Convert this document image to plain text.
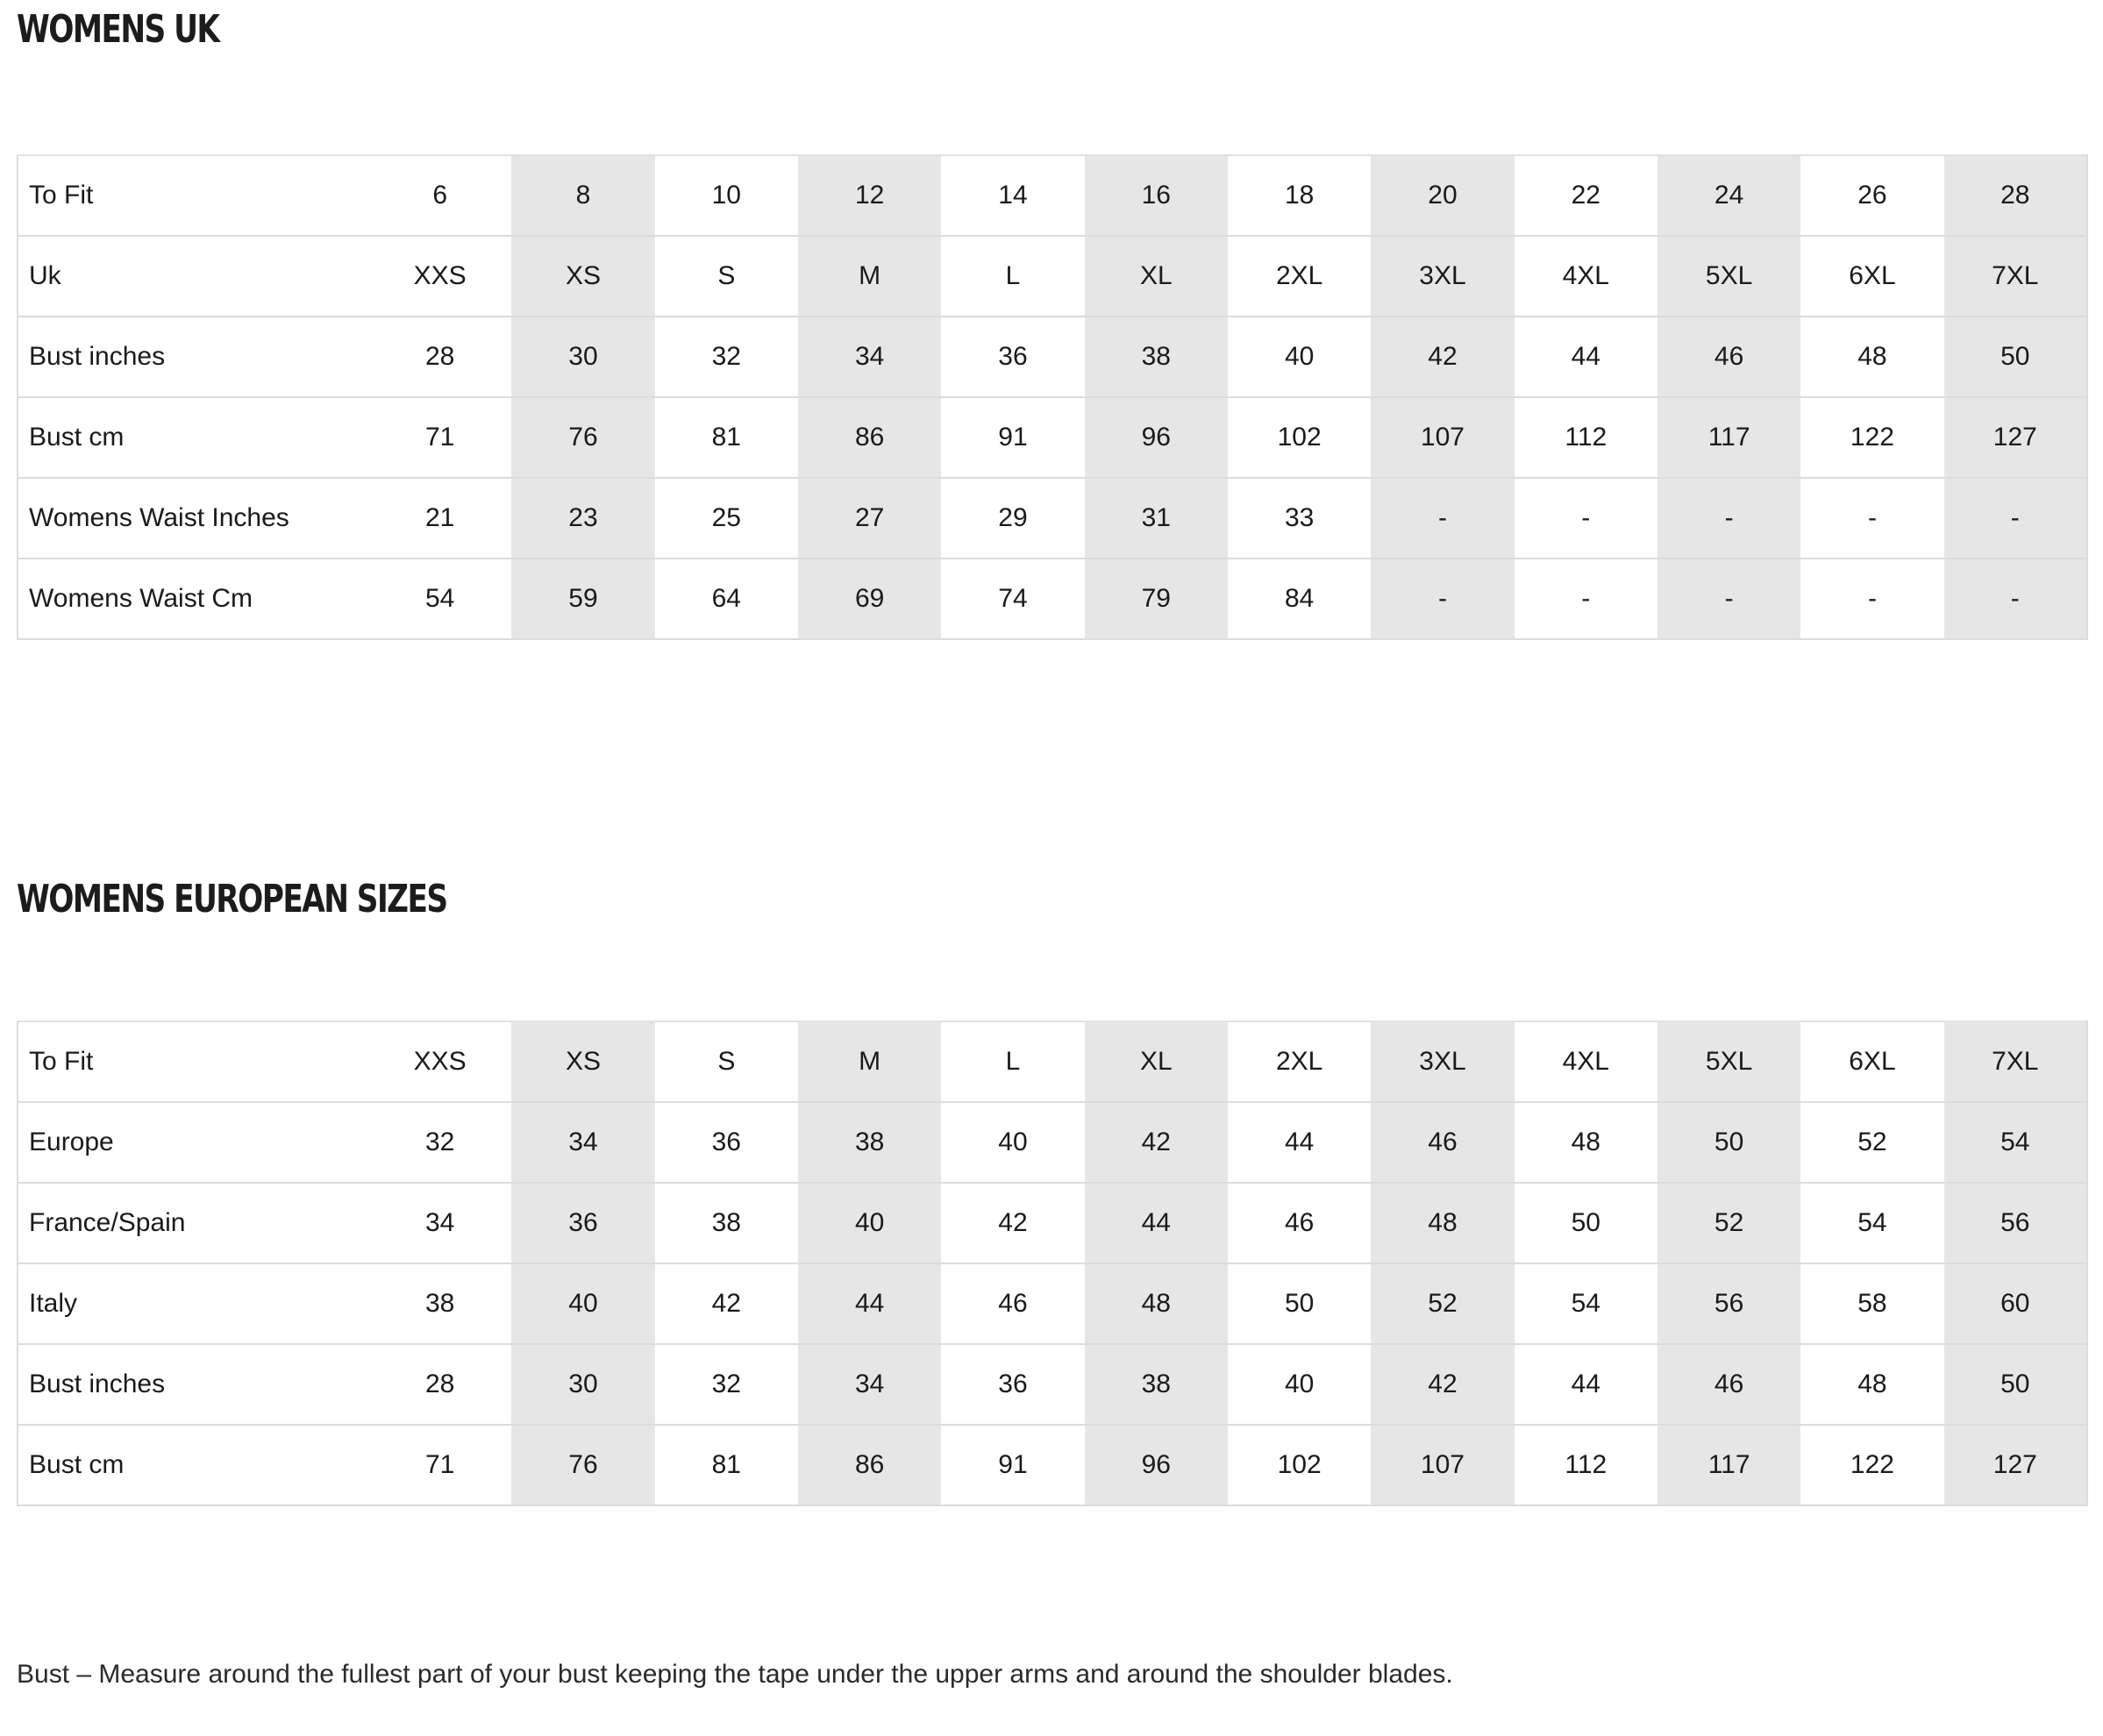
WOMENS UK
To Fit	6	8	10	12	14	16	18	20	22	24	26	28
Uk	XXS	XS	S	M	L	XL	2XL	3XL	4XL	5XL	6XL	7XL
Bust inches	28	30	32	34	36	38	40	42	44	46	48	50
Bust cm	71	76	81	86	91	96	102	107	112	117	122	127
Womens Waist Inches	21	23	25	27	29	31	33	-	-	-	-	-
Womens Waist Cm	54	59	64	69	74	79	84	-	-	-	-	-
WOMENS EUROPEAN SIZES
To Fit	XXS	XS	S	M	L	XL	2XL	3XL	4XL	5XL	6XL	7XL
Europe	32	34	36	38	40	42	44	46	48	50	52	54
France/Spain	34	36	38	40	42	44	46	48	50	52	54	56
Italy	38	40	42	44	46	48	50	52	54	56	58	60
Bust inches	28	30	32	34	36	38	40	42	44	46	48	50
Bust cm	71	76	81	86	91	96	102	107	112	117	122	127

Bust – Measure around the fullest part of your bust keeping the tape under the upper arms and around the shoulder blades.
